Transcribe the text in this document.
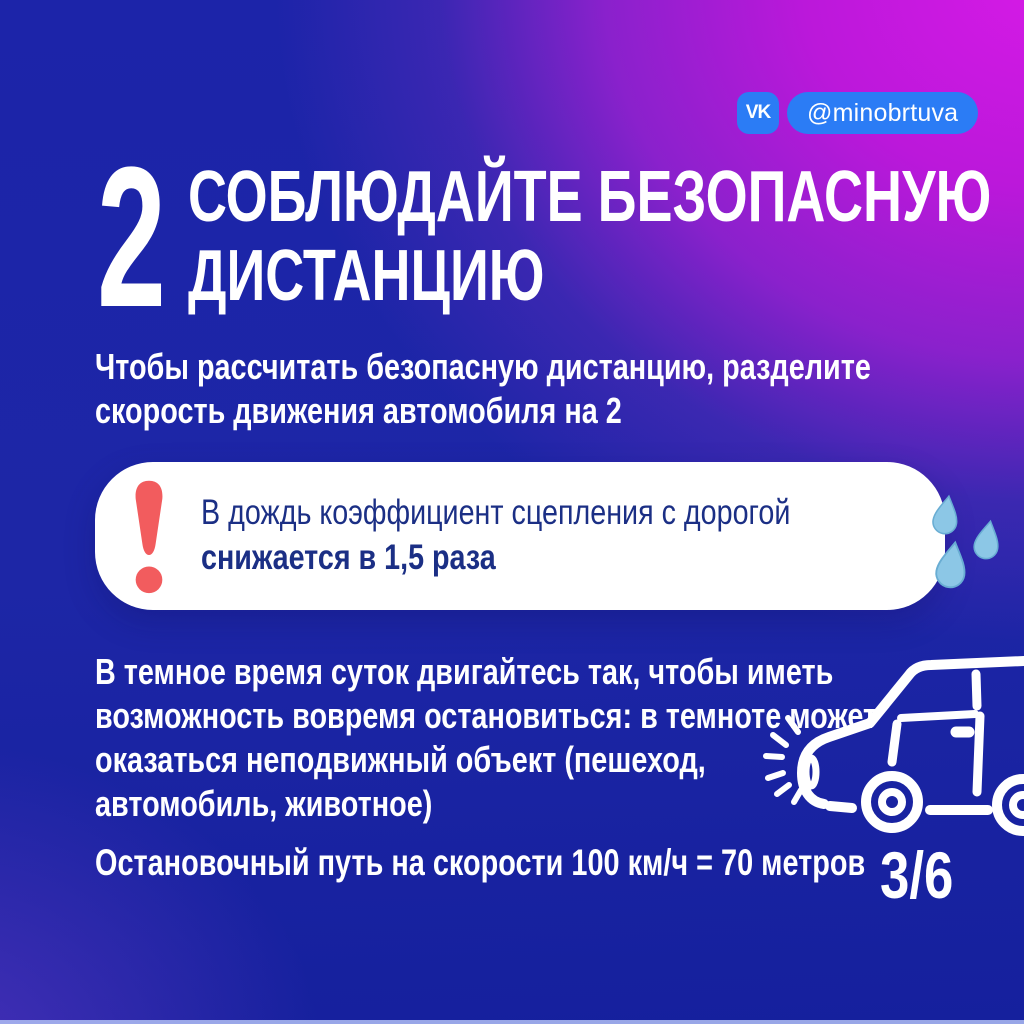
VK @minobrtuva
2 СОБЛЮДАЙТЕ БЕЗОПАСНУЮ
ДИСТАНЦИЮ
Чтобы рассчитать безопасную дистанцию, разделите
скорость движения автомобиля на 2
В дождь коэффициент сцепления с дорогой
снижается в 1,5 раза
В темное время суток двигайтесь так, чтобы иметь
возможность вовремя остановиться: в темноте может
оказаться неподвижный объект (пешеход,
автомобиль, животное)
Остановочный путь на скорости 100 км/ч = 70 метров 3/6
